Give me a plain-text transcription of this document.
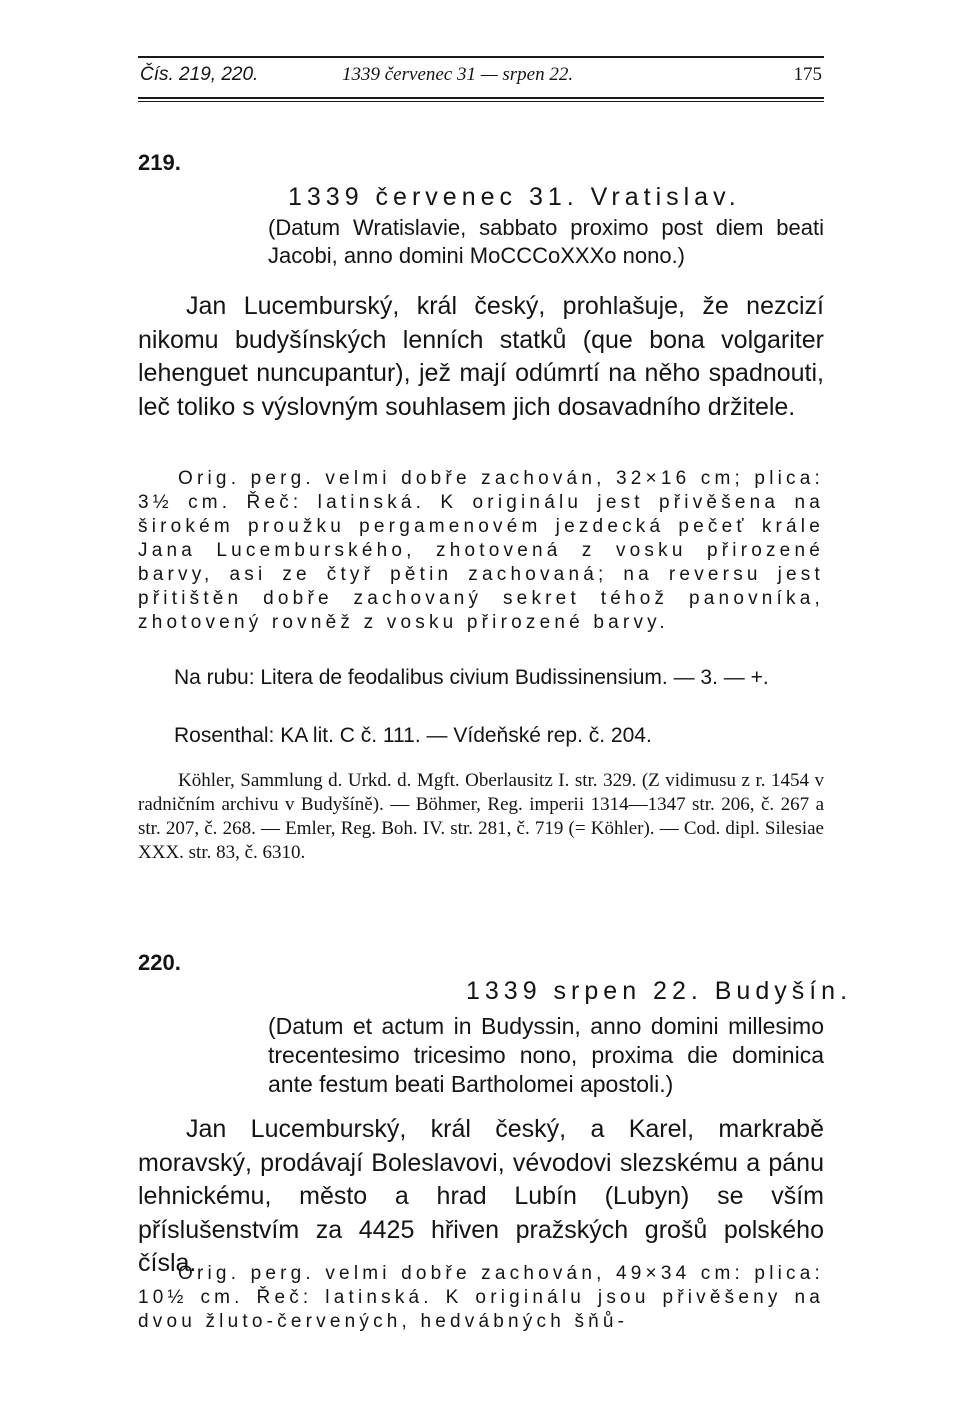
Čís. 219, 220.	1339 červenec 31 — srpen 22.	175
219.
1339 červenec 31. Vratislav.
(Datum Wratislavie, sabbato proximo post diem beati Jacobi, anno domini MoCCCoXXXo nono.)
Jan Lucemburský, král český, prohlašuje, že nezcizí nikomu budyšínských lenních statků (que bona volgariter lehenguet nuncupantur), jež mají odúmrtí na něho spadnouti, leč toliko s výslovným souhlasem jich dosavadního držitele.
Orig. perg. velmi dobře zachován, 32×16 cm; plica: 3½ cm. Řeč: latinská. K originálu jest přivěšena na širokém proužku pergamenovém jezdecká pečeť krále Jana Lucemburského, zhotovená z vosku přirozené barvy, asi ze čtyř pětin zachovaná; na reversu jest přitištěn dobře zachovaný sekret téhož panovníka, zhotovený rovněž z vosku přirozené barvy.
Na rubu: Litera de feodalibus civium Budissinensium. — 3. — +.
Rosenthal: KA lit. C č. 111. — Vídeňské rep. č. 204.
Köhler, Sammlung d. Urkd. d. Mgft. Oberlausitz I. str. 329. (Z vidimusu z r. 1454 v radničním archivu v Budyšíně). — Böhmer, Reg. imperii 1314—1347 str. 206, č. 267 a str. 207, č. 268. — Emler, Reg. Boh. IV. str. 281, č. 719 (= Köhler). — Cod. dipl. Silesiae XXX. str. 83, č. 6310.
220.
1339 srpen 22. Budyšín.
(Datum et actum in Budyssin, anno domini millesimo trecentesimo tricesimo nono, proxima die dominica ante festum beati Bartholomei apostoli.)
Jan Lucemburský, král český, a Karel, markrabě moravský, prodávají Boleslavovi, vévodovi slezskému a pánu lehnickému, město a hrad Lubín (Lubyn) se vším příslušenstvím za 4425 hřiven pražských grošů polského čísla.
Orig. perg. velmi dobře zachován, 49×34 cm: plica: 10½ cm. Řeč: latinská. K originálu jsou přivěšeny na dvou žluto-červených, hedvábných šňů-
